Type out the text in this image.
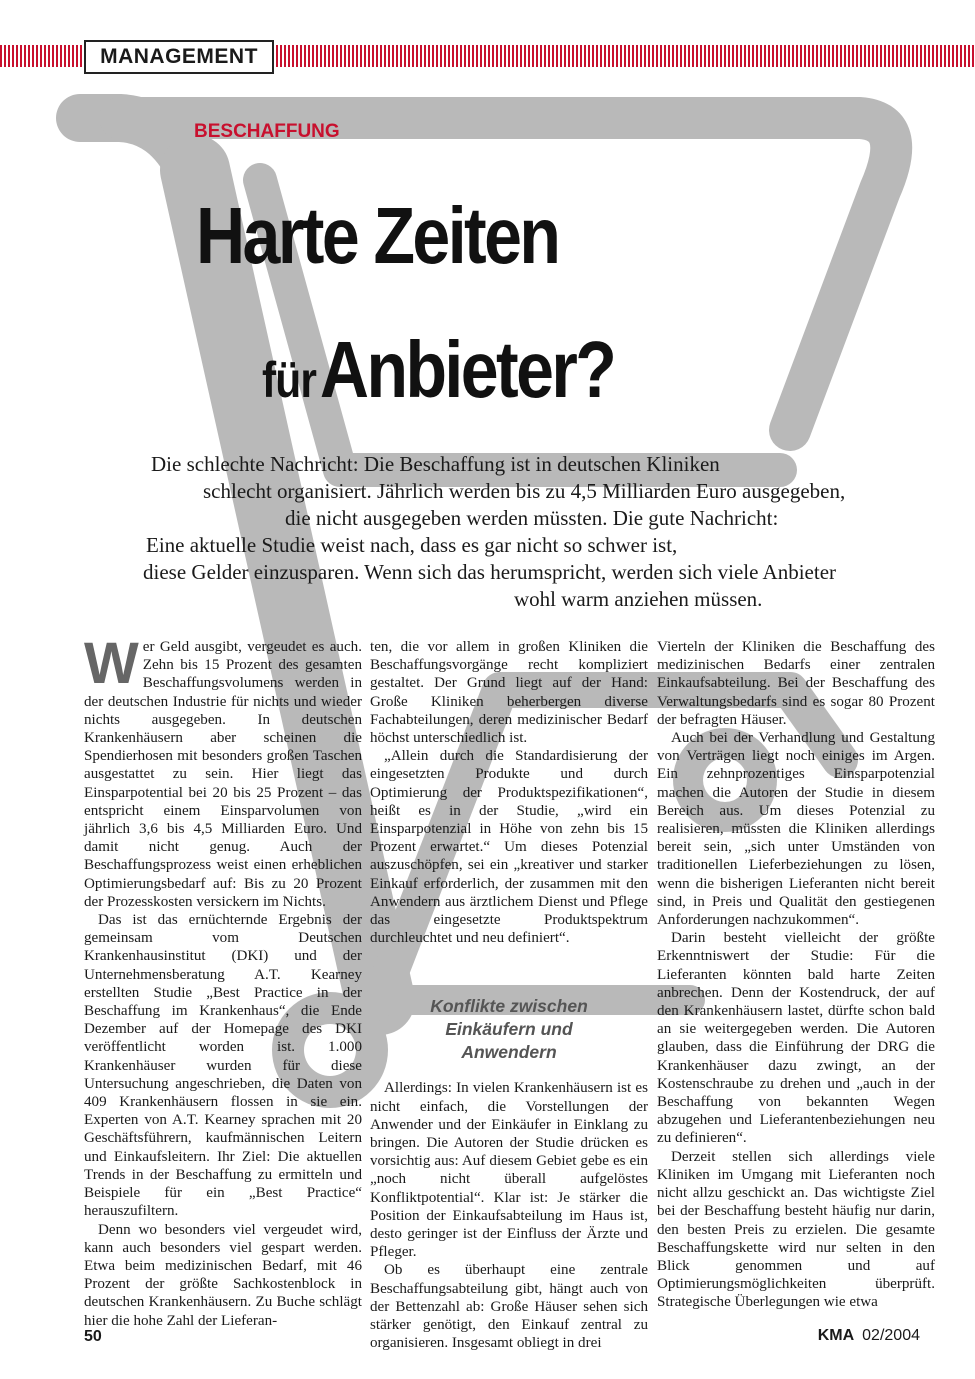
MANAGEMENT
BESCHAFFUNG
Harte Zeiten
für Anbieter?
Die schlechte Nachricht: Die Beschaffung ist in deutschen Kliniken
schlecht organisiert. Jährlich werden bis zu 4,5 Milliarden Euro ausgegeben,
die nicht ausgegeben werden müssten. Die gute Nachricht:
Eine aktuelle Studie weist nach, dass es gar nicht so schwer ist,
diese Gelder einzusparen. Wenn sich das herumspricht, werden sich viele Anbieter
wohl warm anziehen müssen.

Wer Geld ausgibt, vergeudet es auch. Zehn bis 15 Prozent des gesamten Beschaffungsvolumens werden in der deutschen Industrie für nichts und wieder nichts ausgegeben. In deutschen Krankenhäusern aber scheinen die Spendierhosen mit besonders großen Taschen ausgestattet zu sein. Hier liegt das Einsparpotential bei 20 bis 25 Prozent – das entspricht einem Einsparvolumen von jährlich 3,6 bis 4,5 Milliarden Euro. Und damit nicht genug. Auch der Beschaffungsprozess weist einen erheblichen Optimierungsbedarf auf: Bis zu 20 Prozent der Prozesskosten versickern im Nichts.

Das ist das ernüchternde Ergebnis der gemeinsam vom Deutschen Krankenhausinstitut (DKI) und der Unternehmensberatung A.T. Kearney erstellten Studie „Best Practice in der Beschaffung im Krankenhaus“, die Ende Dezember auf der Homepage des DKI veröffentlicht worden ist. 1.000 Krankenhäuser wurden für diese Untersuchung angeschrieben, die Daten von 409 Krankenhäusern flossen in sie ein. Experten von A.T. Kearney sprachen mit 20 Geschäftsführern, kaufmännischen Leitern und Einkaufsleitern. Ihr Ziel: Die aktuellen Trends in der Beschaffung zu ermitteln und Beispiele für ein „Best Practice“ herauszufiltern.

Denn wo besonders viel vergeudet wird, kann auch besonders viel gespart werden. Etwa beim medizinischen Bedarf, mit 46 Prozent der größte Sachkostenblock in deutschen Krankenhäusern. Zu Buche schlägt hier die hohe Zahl der Lieferan-

ten, die vor allem in großen Kliniken die Beschaffungsvorgänge recht kompliziert gestaltet. Der Grund liegt auf der Hand: Große Kliniken beherbergen diverse Fachabteilungen, deren medizinischer Bedarf höchst unterschiedlich ist.

„Allein durch die Standardisierung der eingesetzten Produkte und durch Optimierung der Produktspezifikationen“, heißt es in der Studie, „wird ein Einsparpotenzial in Höhe von zehn bis 15 Prozent erwartet.“ Um dieses Potenzial auszuschöpfen, sei ein „kreativer und starker Einkauf erforderlich, der zusammen mit den Anwendern aus ärztlichem Dienst und Pflege das eingesetzte Produktspektrum durchleuchtet und neu definiert“.

Konflikte zwischen
Einkäufern und
Anwendern

Allerdings: In vielen Krankenhäusern ist es nicht einfach, die Vorstellungen der Anwender und der Einkäufer in Einklang zu bringen. Die Autoren der Studie drücken es vorsichtig aus: Auf diesem Gebiet gebe es ein „noch nicht überall aufgelöstes Konfliktpotential“. Klar ist: Je stärker die Position der Einkaufsabteilung im Haus ist, desto geringer ist der Einfluss der Ärzte und Pfleger.

Ob es überhaupt eine zentrale Beschaffungsabteilung gibt, hängt auch von der Bettenzahl ab: Große Häuser sehen sich stärker genötigt, den Einkauf zentral zu organisieren. Insgesamt obliegt in drei

Vierteln der Kliniken die Beschaffung des medizinischen Bedarfs einer zentralen Einkaufsabteilung. Bei der Beschaffung des Verwaltungsbedarfs sind es sogar 80 Prozent der befragten Häuser.

Auch bei der Verhandlung und Gestaltung von Verträgen liegt noch einiges im Argen. Ein zehnprozentiges Einsparpotenzial machen die Autoren der Studie in diesem Bereich aus. Um dieses Potenzial zu realisieren, müssten die Kliniken allerdings bereit sein, „sich unter Umständen von traditionellen Lieferbeziehungen zu lösen, wenn die bisherigen Lieferanten nicht bereit sind, in Preis und Qualität den gestiegenen Anforderungen nachzukommen“.

Darin besteht vielleicht der größte Erkenntniswert der Studie: Für die Lieferanten könnten bald harte Zeiten anbrechen. Denn der Kostendruck, der auf den Krankenhäusern lastet, dürfte schon bald an sie weitergegeben werden. Die Autoren glauben, dass die Einführung der DRG die Krankenhäuser dazu zwingt, an der Kostenschraube zu drehen und „auch in der Beschaffung von bekannten Wegen abzugehen und Lieferantenbeziehungen neu zu definieren“.

Derzeit stellen sich allerdings viele Kliniken im Umgang mit Lieferanten noch nicht allzu geschickt an. Das wichtigste Ziel bei der Beschaffung besteht häufig nur darin, den besten Preis zu erzielen. Die gesamte Beschaffungskette wird nur selten in den Blick genommen und auf Optimierungsmöglichkeiten überprüft. Strategische Überlegungen wie etwa

50	KMA 02/2004
